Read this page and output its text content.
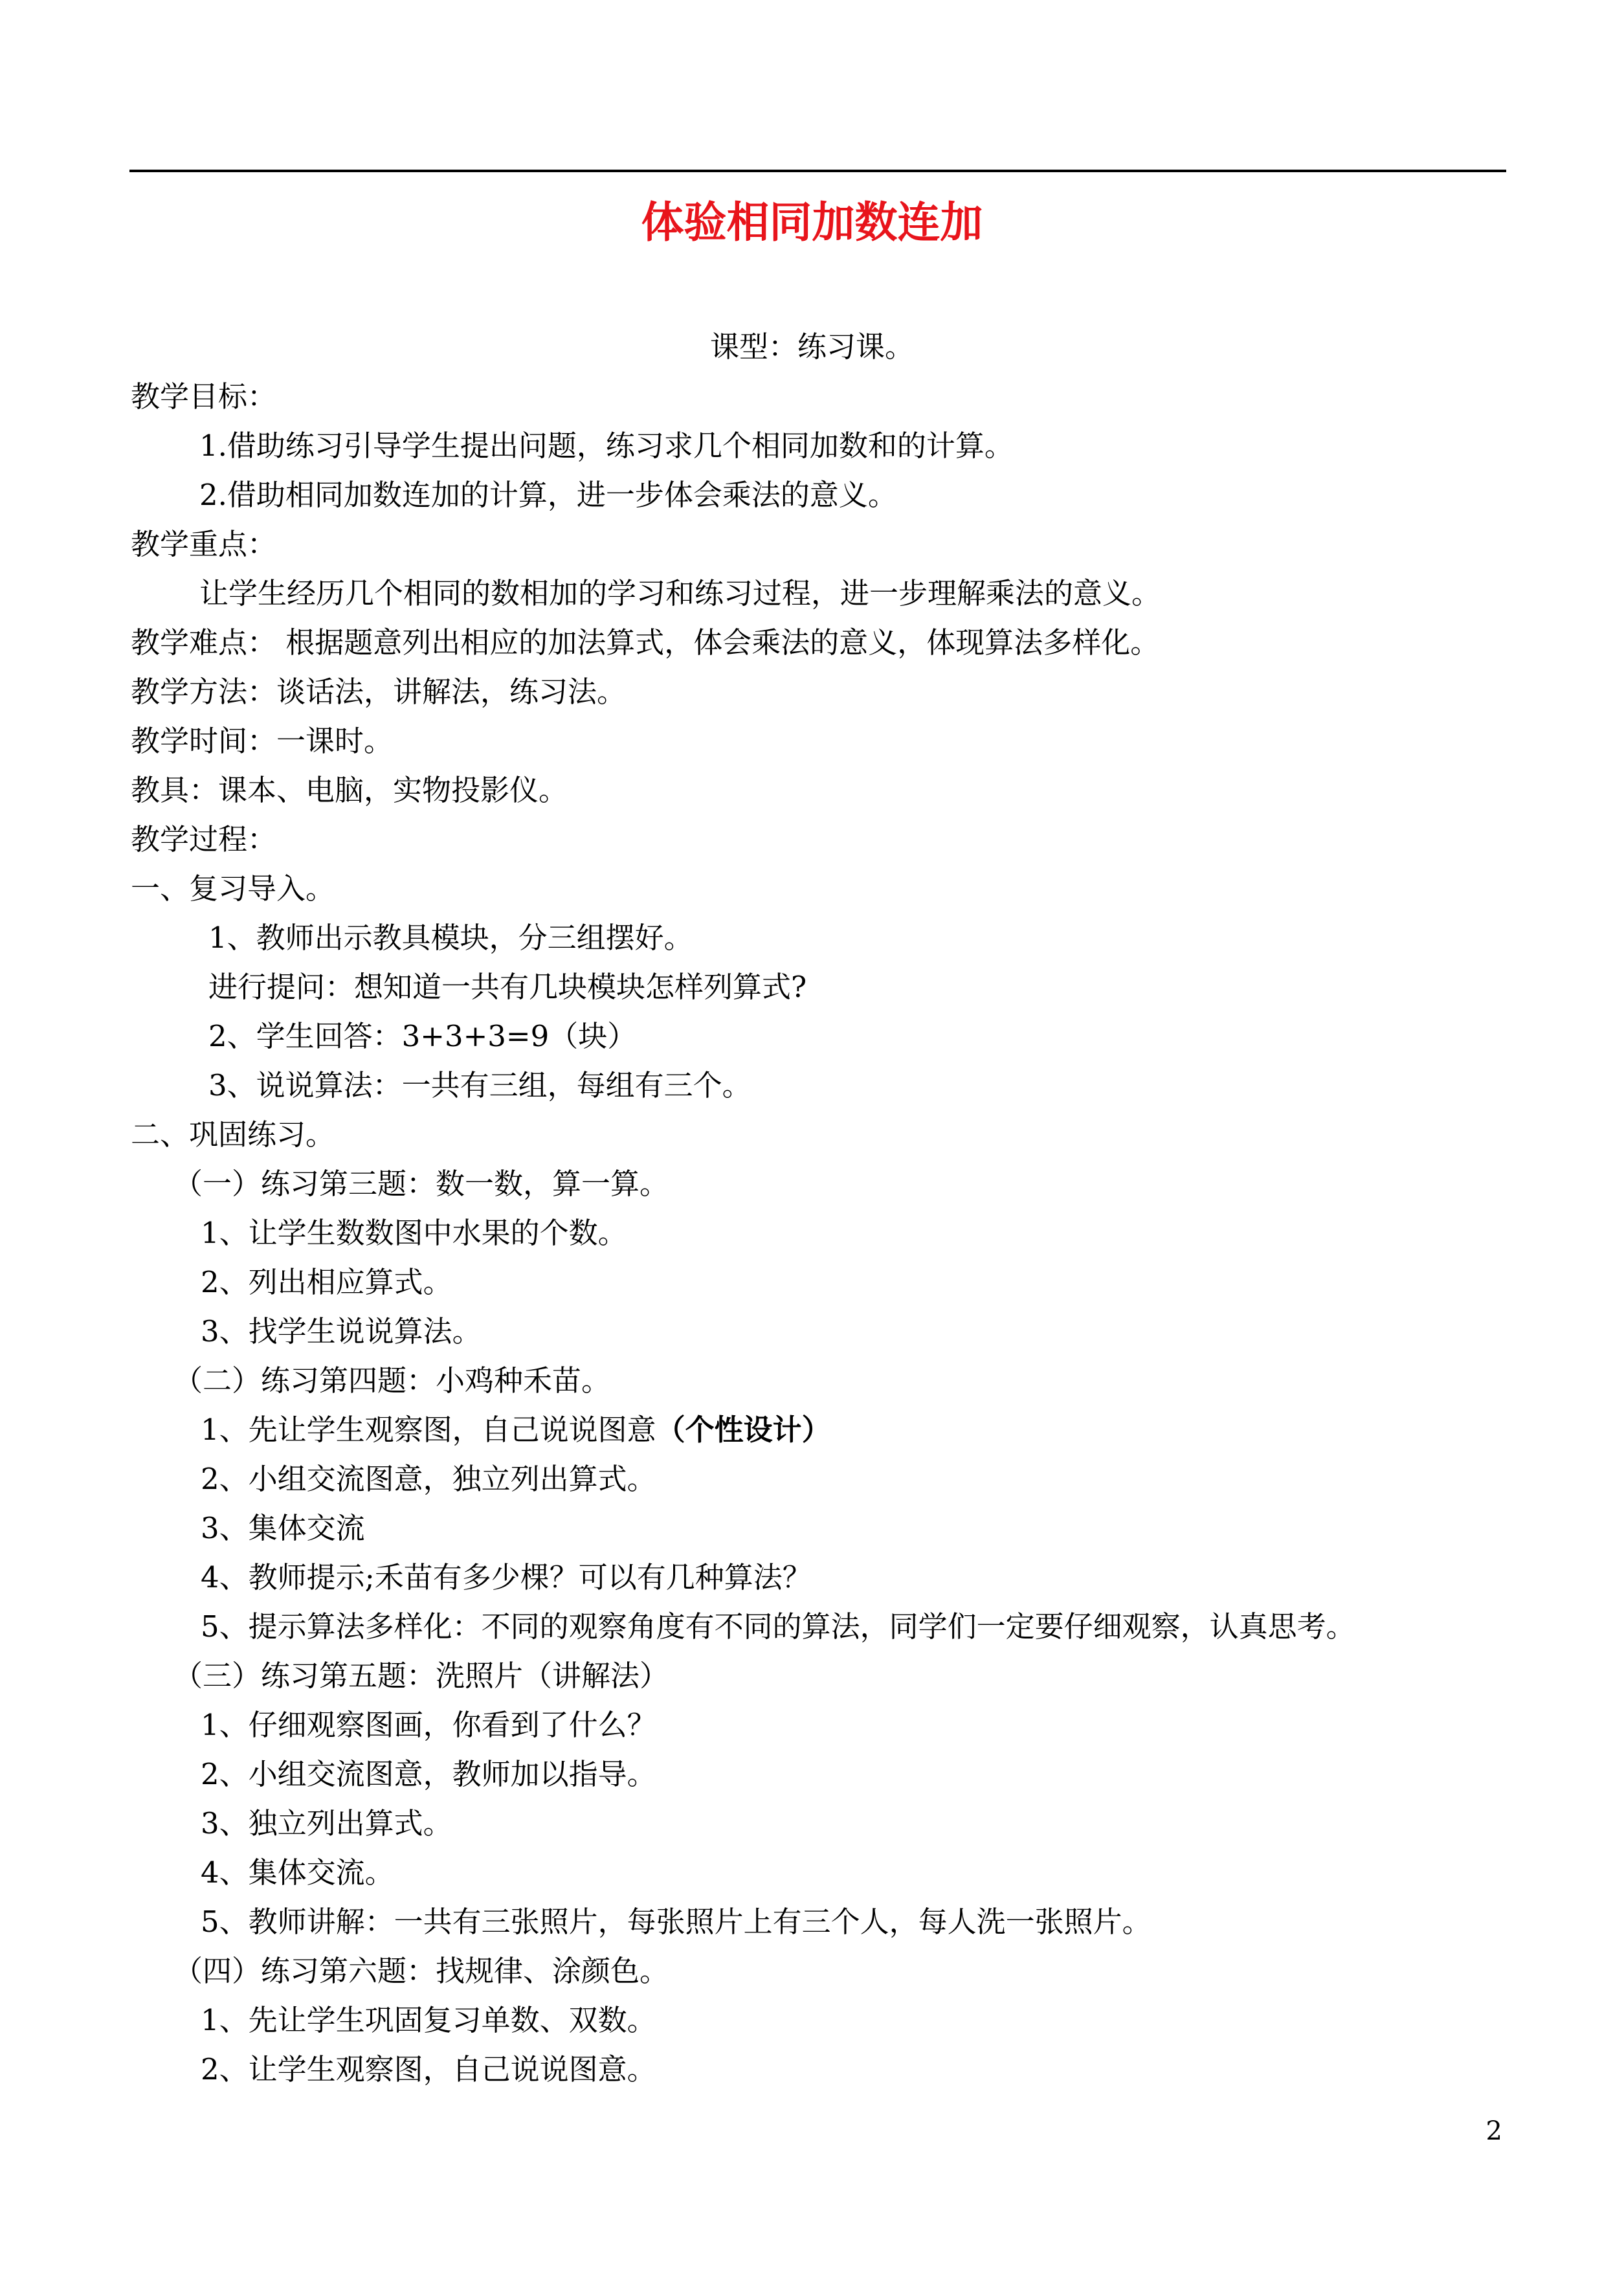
体验相同加数连加
课型：练习课。
教学目标：
1.借助练习引导学生提出问题，练习求几个相同加数和的计算。
2.借助相同加数连加的计算，进一步体会乘法的意义。
教学重点：
让学生经历几个相同的数相加的学习和练习过程，进一步理解乘法的意义。
教学难点： 根据题意列出相应的加法算式，体会乘法的意义，体现算法多样化。
教学方法：谈话法，讲解法，练习法。
教学时间：一课时。
教具：课本、电脑，实物投影仪。
教学过程：
一、复习导入。
1、教师出示教具模块，分三组摆好。
进行提问：想知道一共有几块模块怎样列算式?
2、学生回答：3+3+3=9（块）
3、说说算法：一共有三组，每组有三个。
二、巩固练习。
（一）练习第三题：数一数，算一算。
1、让学生数数图中水果的个数。
2、列出相应算式。
3、找学生说说算法。
（二）练习第四题：小鸡种禾苗。
1、先让学生观察图，自己说说图意（个性设计）
2、小组交流图意，独立列出算式。
3、集体交流
4、教师提示;禾苗有多少棵？可以有几种算法？
5、提示算法多样化：不同的观察角度有不同的算法，同学们一定要仔细观察，认真思考。
（三）练习第五题：洗照片（讲解法）
1、仔细观察图画，你看到了什么？
2、小组交流图意，教师加以指导。
3、独立列出算式。
4、集体交流。
5、教师讲解：一共有三张照片，每张照片上有三个人，每人洗一张照片。
（四）练习第六题：找规律、涂颜色。
1、先让学生巩固复习单数、双数。
2、让学生观察图，自己说说图意。
2
